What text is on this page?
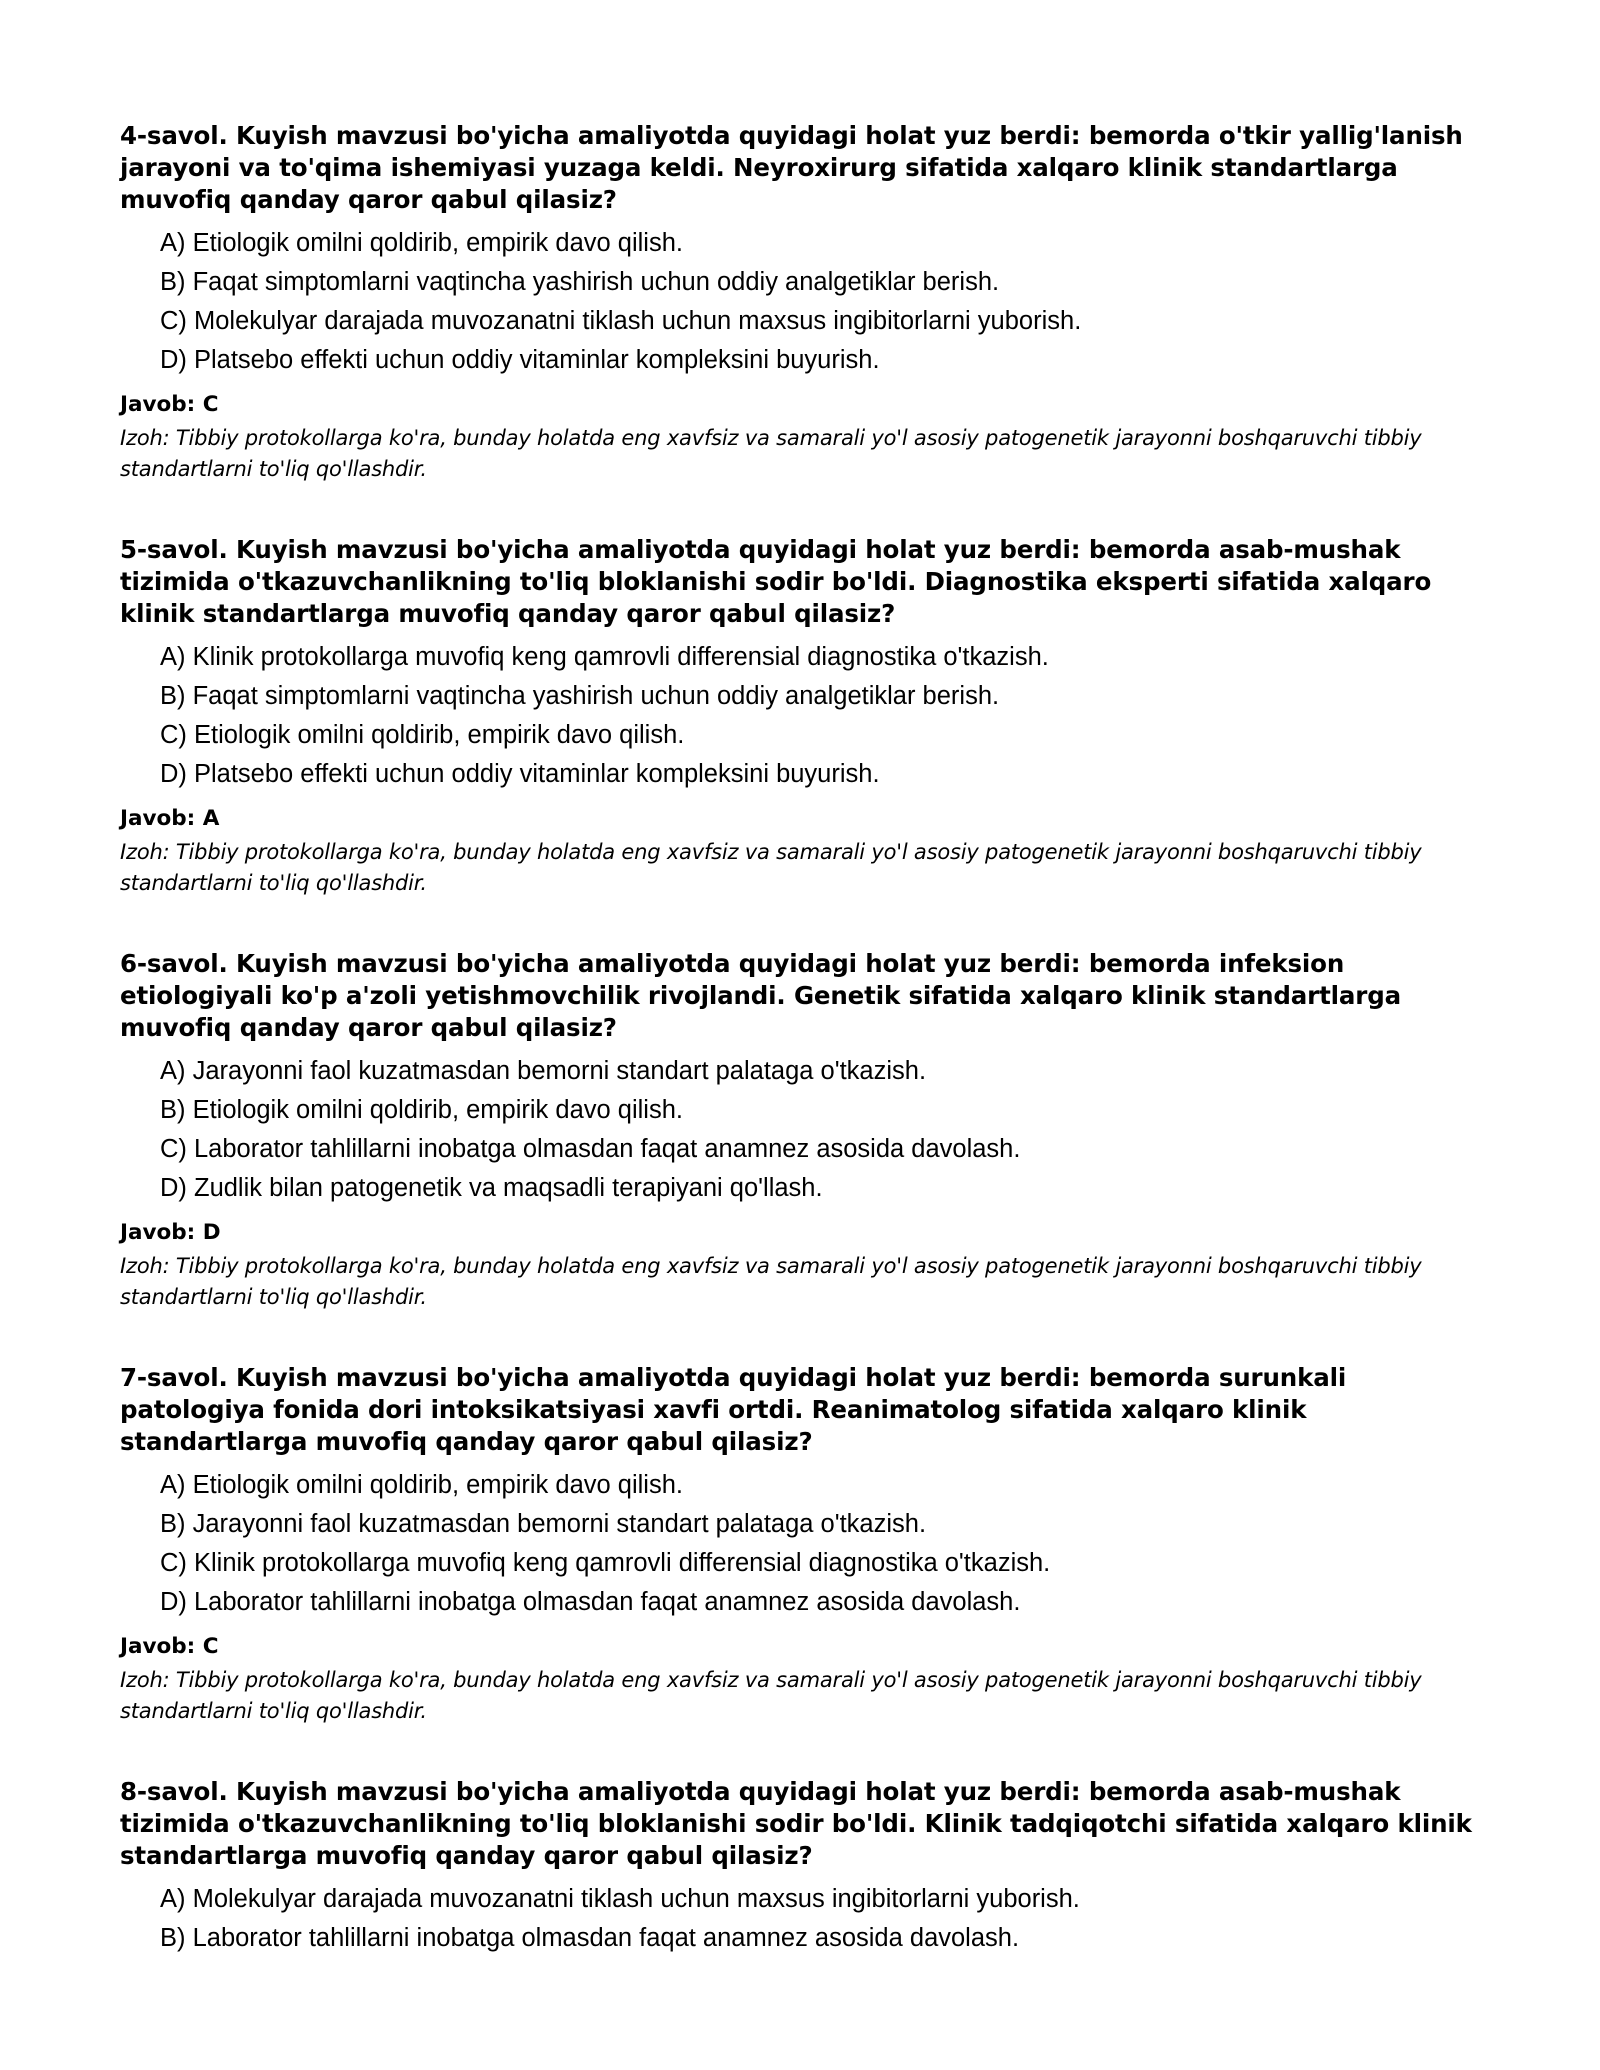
4-savol. Kuyish mavzusi bo'yicha amaliyotda quyidagi holat yuz berdi: bemorda o'tkir yallig'lanish jarayoni va to'qima ishemiyasi yuzaga keldi. Neyroxirurg sifatida xalqaro klinik standartlarga muvofiq qanday qaror qabul qilasiz?

A) Etiologik omilni qoldirib, empirik davo qilish.
B) Faqat simptomlarni vaqtincha yashirish uchun oddiy analgetiklar berish.
C) Molekulyar darajada muvozanatni tiklash uchun maxsus ingibitorlarni yuborish.
D) Platsebo effekti uchun oddiy vitaminlar kompleksini buyurish.

Javob: C

Izoh: Tibbiy protokollarga ko'ra, bunday holatda eng xavfsiz va samarali yo'l asosiy patogenetik jarayonni boshqaruvchi tibbiy standartlarni to'liq qo'llashdir.

5-savol. Kuyish mavzusi bo'yicha amaliyotda quyidagi holat yuz berdi: bemorda asab-mushak tizimida o'tkazuvchanlikning to'liq bloklanishi sodir bo'ldi. Diagnostika eksperti sifatida xalqaro klinik standartlarga muvofiq qanday qaror qabul qilasiz?

A) Klinik protokollarga muvofiq keng qamrovli differensial diagnostika o'tkazish.
B) Faqat simptomlarni vaqtincha yashirish uchun oddiy analgetiklar berish.
C) Etiologik omilni qoldirib, empirik davo qilish.
D) Platsebo effekti uchun oddiy vitaminlar kompleksini buyurish.

Javob: A

Izoh: Tibbiy protokollarga ko'ra, bunday holatda eng xavfsiz va samarali yo'l asosiy patogenetik jarayonni boshqaruvchi tibbiy standartlarni to'liq qo'llashdir.

6-savol. Kuyish mavzusi bo'yicha amaliyotda quyidagi holat yuz berdi: bemorda infeksion etiologiyali ko'p a'zoli yetishmovchilik rivojlandi. Genetik sifatida xalqaro klinik standartlarga muvofiq qanday qaror qabul qilasiz?

A) Jarayonni faol kuzatmasdan bemorni standart palataga o'tkazish.
B) Etiologik omilni qoldirib, empirik davo qilish.
C) Laborator tahlillarni inobatga olmasdan faqat anamnez asosida davolash.
D) Zudlik bilan patogenetik va maqsadli terapiyani qo'llash.

Javob: D

Izoh: Tibbiy protokollarga ko'ra, bunday holatda eng xavfsiz va samarali yo'l asosiy patogenetik jarayonni boshqaruvchi tibbiy standartlarni to'liq qo'llashdir.

7-savol. Kuyish mavzusi bo'yicha amaliyotda quyidagi holat yuz berdi: bemorda surunkali patologiya fonida dori intoksikatsiyasi xavfi ortdi. Reanimatolog sifatida xalqaro klinik standartlarga muvofiq qanday qaror qabul qilasiz?

A) Etiologik omilni qoldirib, empirik davo qilish.
B) Jarayonni faol kuzatmasdan bemorni standart palataga o'tkazish.
C) Klinik protokollarga muvofiq keng qamrovli differensial diagnostika o'tkazish.
D) Laborator tahlillarni inobatga olmasdan faqat anamnez asosida davolash.

Javob: C

Izoh: Tibbiy protokollarga ko'ra, bunday holatda eng xavfsiz va samarali yo'l asosiy patogenetik jarayonni boshqaruvchi tibbiy standartlarni to'liq qo'llashdir.

8-savol. Kuyish mavzusi bo'yicha amaliyotda quyidagi holat yuz berdi: bemorda asab-mushak tizimida o'tkazuvchanlikning to'liq bloklanishi sodir bo'ldi. Klinik tadqiqotchi sifatida xalqaro klinik standartlarga muvofiq qanday qaror qabul qilasiz?

A) Molekulyar darajada muvozanatni tiklash uchun maxsus ingibitorlarni yuborish.
B) Laborator tahlillarni inobatga olmasdan faqat anamnez asosida davolash.
